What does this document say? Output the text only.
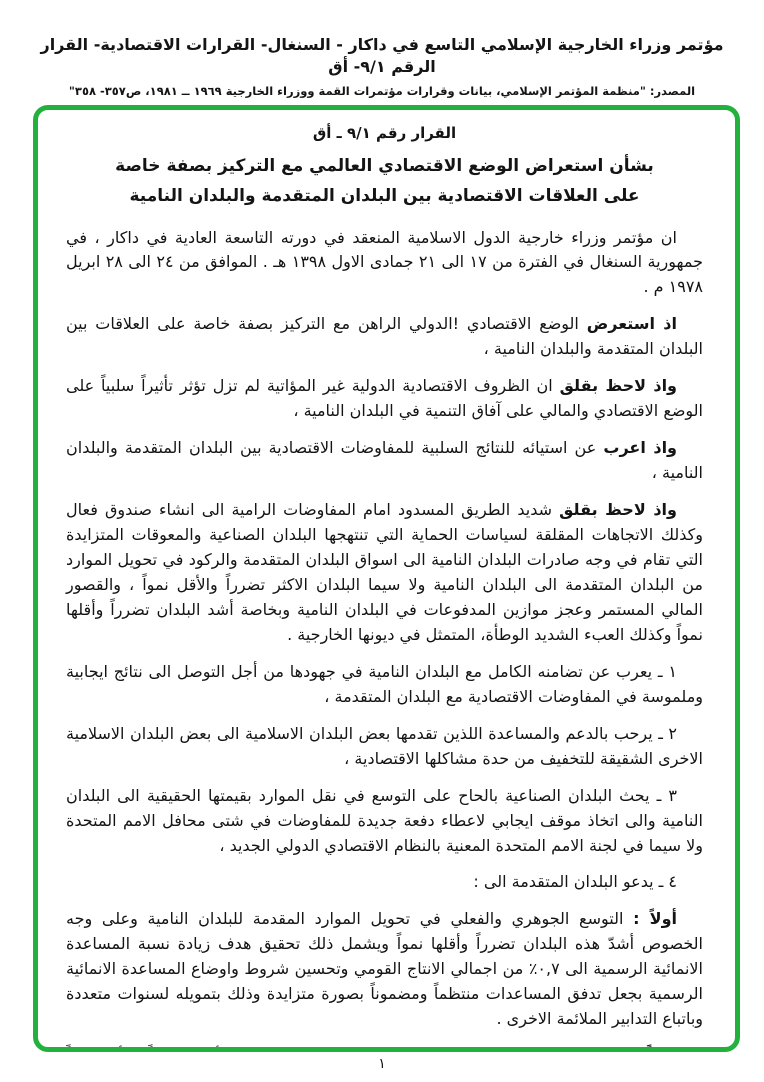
مؤتمر وزراء الخارجية الإسلامي التاسع في داكار - السنغال- القرارات الاقتصادية- القرار الرقم ٩/١- أق
المصدر: "منظمة المؤتمر الإسلامي، بيانات وقرارات مؤتمرات القمة ووزراء الخارجية ١٩٦٩ ــ ١٩٨١، ص٣٥٧- ٣٥٨"
القرار رقم ٩/١ ـ أق
بشأن استعراض الوضع الاقتصادي العالمي مع التركيز بصفة خاصة
على العلاقات الاقتصادية بين البلدان المتقدمة والبلدان النامية

ان مؤتمر وزراء خارجية الدول الاسلامية المنعقد في دورته التاسعة العادية في داكار ، في جمهورية السنغال في الفترة من ١٧ الى ٢١ جمادى الاول ١٣٩٨ هـ . الموافق من ٢٤ الى ٢٨ ابريل ١٩٧٨ م .

اذ استعرض الوضع الاقتصادي !الدولي الراهن مع التركيز بصفة خاصة على العلاقات بين البلدان المتقدمة والبلدان النامية ،

واذ لاحظ بقلق ان الظروف الاقتصادية الدولية غير المؤاتية لم تزل تؤثر تأثيراً سلبياً على الوضع الاقتصادي والمالي على آفاق التنمية في البلدان النامية ،

واذ اعرب عن استيائه للنتائج السلبية للمفاوضات الاقتصادية بين البلدان المتقدمة والبلدان النامية ،

واذ لاحظ بقلق شديد الطريق المسدود امام المفاوضات الرامية الى انشاء صندوق فعال وكذلك الاتجاهات المقلقة لسياسات الحماية التي تنتهجها البلدان الصناعية والمعوقات المتزايدة التي تقام في وجه صادرات البلدان النامية الى اسواق البلدان المتقدمة والركود في تحويل الموارد من البلدان المتقدمة الى البلدان النامية ولا سيما البلدان الاكثر تضرراً والأقل نمواً ، والقصور المالي المستمر وعجز موازين المدفوعات في البلدان النامية وبخاصة أشد البلدان تضرراً وأقلها نمواً وكذلك العبء الشديد الوطأة، المتمثل في ديونها الخارجية .

١ ـ يعرب عن تضامنه الكامل مع البلدان النامية في جهودها من أجل التوصل الى نتائج ايجابية وملموسة في المفاوضات الاقتصادية مع البلدان المتقدمة ،

٢ ـ يرحب بالدعم والمساعدة اللذين تقدمها بعض البلدان الاسلامية الى بعض البلدان الاسلامية الاخرى الشقيقة للتخفيف من حدة مشاكلها الاقتصادية ،

٣ ـ يحث البلدان الصناعية بالحاح على التوسع في نقل الموارد بقيمتها الحقيقية الى البلدان النامية والى اتخاذ موقف ايجابي لاعطاء دفعة جديدة للمفاوضات في شتى محافل الامم المتحدة ولا سيما في لجنة الامم المتحدة المعنية بالنظام الاقتصادي الدولي الجديد ،

٤ ـ يدعو البلدان المتقدمة الى :

أولاً : التوسع الجوهري والفعلي في تحويل الموارد المقدمة للبلدان النامية وعلى وجه الخصوص أشدّ هذه البلدان تضرراً وأقلها نمواً ويشمل ذلك تحقيق هدف زيادة نسبة المساعدة الانمائية الرسمية الى ٠,٧٪ من اجمالي الانتاج القومي وتحسين شروط واوضاع المساعدة الانمائية الرسمية بجعل تدفق المساعدات منتظماً ومضموناً بصورة متزايدة وذلك بتمويله لسنوات متعددة وباتباع التدابير الملائمة الاخرى .

١
